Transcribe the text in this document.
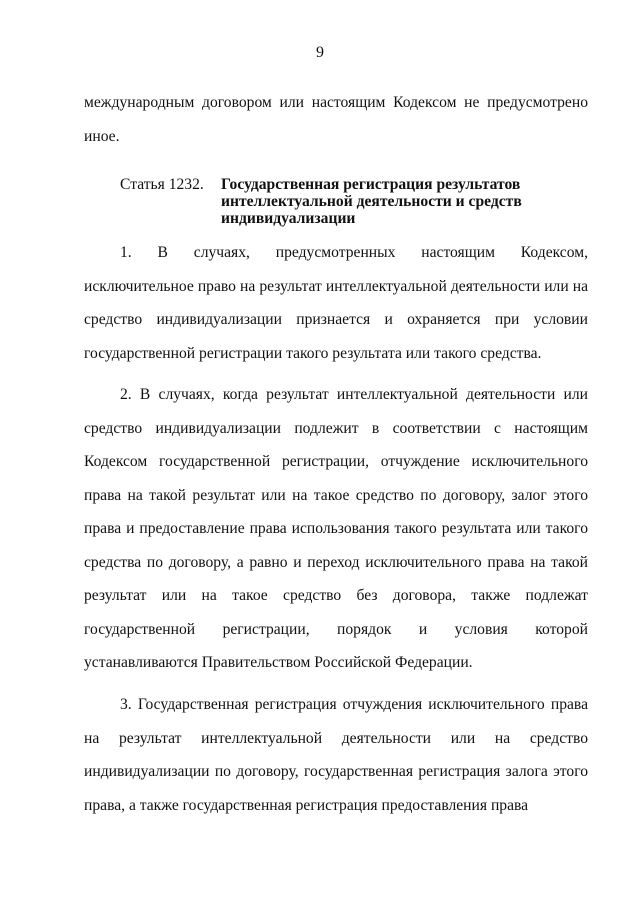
9

международным договором или настоящим Кодексом не предусмотрено иное.

Статья 1232. Государственная регистрация результатов интеллектуальной деятельности и средств индивидуализации

1. В случаях, предусмотренных настоящим Кодексом, исключительное право на результат интеллектуальной деятельности или на средство индивидуализации признается и охраняется при условии государственной регистрации такого результата или такого средства.

2. В случаях, когда результат интеллектуальной деятельности или средство индивидуализации подлежит в соответствии с настоящим Кодексом государственной регистрации, отчуждение исключительного права на такой результат или на такое средство по договору, залог этого права и предоставление права использования такого результата или такого средства по договору, а равно и переход исключительного права на такой результат или на такое средство без договора, также подлежат государственной регистрации, порядок и условия которой устанавливаются Правительством Российской Федерации.

3. Государственная регистрация отчуждения исключительного права на результат интеллектуальной деятельности или на средство индивидуализации по договору, государственная регистрация залога этого права, а также государственная регистрация предоставления права
